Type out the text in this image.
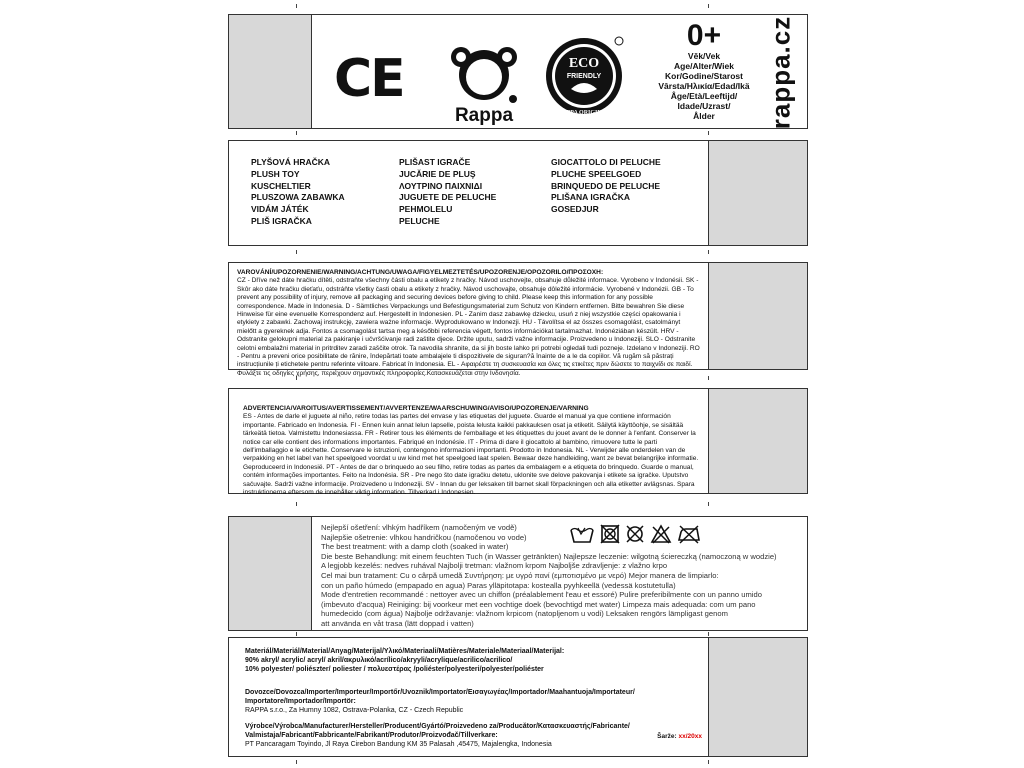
CE
Rappa
ECO
FRIENDLY
RAPPA ORIGINAL
0+
Věk/Vek
Age/Alter/Wiek
Kor/Godine/Starost
Vârsta/Ηλικία/Edad/Ikä
Âge/Età/Leeftijd/
Idade/Uzrast/
Ålder	rappa.cz
PLYŠOVÁ HRAČKA
PLUSH TOY
KUSCHELTIER
PLUSZOWA ZABAWKA
VIDÁM JÁTÉK
PLIŠ IGRAČKA
PLIŠAST IGRAČE
JUCĂRIE DE PLUŞ
ΛΟΥΤΡΙΝΟ ΠΑΙΧΝΙΔΙ
JUGUETE DE PELUCHE
PEHMOLELU
PELUCHE
GIOCATTOLO DI PELUCHE
PLUCHE SPEELGOED
BRINQUEDO DE PELUCHE
PLIŠANA IGRAČKA
GOSEDJUR
VAROVÁNÍ/UPOZORNENIE/WARNING/ACHTUNG/UWAGA/FIGYELMEZTETÉS/UPOZORENJE/OPOZORILO/ΠΡΟΣΟΧΗ:
CZ - Dříve než dáte hračku dítěti, odstraňte všechny části obalu a etikety z hračky. Návod uschovejte, obsahuje důležité informace. Vyrobeno v Indonésii. SK - Skôr ako dáte hračku dieťaťu, odstráňte všetky časti obalu a etikety z hračky. Návod uschovajte, obsahuje dôležité informácie. Vyrobené v Indonézii. GB - To prevent any possibility of injury, remove all packaging and securing devices before giving to child. Please keep this information for any possible correspondence. Made in Indonesia. D - Sämtliches Verpackungs und Befestigungsmaterial zum Schutz von Kindern entfernen. Bitte bewahren Sie diese Hinweise für eine evenuelle Korrespondenz auf. Hergestellt in Indonesien. PL - Zanim dasz zabawkę dziecku, usuń z niej wszystkie części opakowania i etykiety z zabawki. Zachowaj instrukcję, zawiera ważne informacje. Wyprodukowano w Indonezji. HU - Távolítsa el az összes csomagolást, csatolmányt mielőtt a gyereknek adja. Fontos a csomagolást tartsa meg a későbbi referencia végett, fontos információkat tartalmazhat. Indonéziában készült. HRV - Odstranite gelokupni material za pakiranje i učvršćivanje radi zaštite djece. Držite uputu, sadrži važne informacije. Proizvedeno u Indoneziji. SLO - Odstranite celotni embalažni material in pritrditev zaradi zaščite otrok. Ta navodila shranite, da si jih boste lahko pri potrebi ogledali tudi pozneje. Izdelano v Indoneziji. RO - Pentru a preveni orice posibilitate de rănire, îndepărtati toate ambalajele ti dispozitivele de siguran?ă înainte de a le da copiilor. Vă rugăm să păstrați instrucțiunile ți etichetele pentru referinte viitoare. Fabricat în Indonesia. EL - Αφαιρέστε τη συσκευασία και όλες τις ετικέτες πριν δώσετε το παιχνίδι σε παιδί. Φυλάξτε τις οδηγίες χρήσης, περιέχουν σημαντικές πληροφορίες.Κατασκευάζεται στην Ινδονησία.
ADVERTENCIA/VAROITUS/AVERTISSEMENT/AVVERTENZE/WAARSCHUWING/AVISO/UPOZORENJE/VARNING
ES - Antes de darle el juguete al niño, retire todas las partes del envase y las etiquetas del juguete. Guarde el manual ya que contiene información importante. Fabricado en Indonesia. FI - Ennen kuin annat lelun lapselle, poista lelusta kaikki pakkauksen osat ja etiketit. Säilytä käyttöohje, se sisältää tärkeätä tietoa. Valmistettu Indonesiassa. FR - Retirer tous les éléments de l'emballage et les étiquettes du jouet avant de le donner à l'enfant. Conserver la notice car elle contient des informations importantes. Fabriqué en Indonésie. IT - Prima di dare il giocattolo al bambino, rimuovere tutte le parti dell'imballaggio e le etichette. Conservare le istruzioni, contengono informazioni importanti. Prodotto in Indonesia. NL - Verwijder alle onderdelen van de verpakking en het label van het speelgoed voordat u uw kind met het speelgoed laat spelen. Bewaar deze handleiding, want ze bevat belangrijke informatie. Geproduceerd in Indonesië. PT - Antes de dar o brinquedo ao seu filho, retire todas as partes da embalagem e a etiqueta do brinquedo. Guarde o manual, contém informações importantes. Feito na Indonésia. SR - Pre nego što date igračku detetu, uklonite sve delove pakovanja i etikete sa igračke. Uputstvo sačuvajte. Sadrži važne informacije. Proizvedeno u Indoneziji. SV - Innan du ger leksaken till barnet skall förpackningen och alla etiketter avlägsnas. Spara instruktionerna eftersom de innehåller viktig information. Tillverkad i Indonesien.
Nejlepší ošetření: vlhkým hadříkem (namočeným ve vodě)
Najlepšie ošetrenie: vlhkou handričkou (namočenou vo vode)
The best treatment: with a damp cloth (soaked in water)
Die beste Behandlung: mit einem feuchten Tuch (in Wasser getränkten) Najlepsze leczenie: wilgotną ściereczką (namoczoną w wodzie)
A legjobb kezelés: nedves ruhával Najbolji tretman: vlažnom krpom Najboljše zdravljenje: z vlažno krpo
Cel mai bun tratament: Cu o cârpă umedă Συντήρηση: με υγρό πανί (εμποτισμένο με νερό) Mejor manera de limpiarlo:
con un paño húmedo (empapado en agua) Paras ylläpitotapa: kostealla pyyhkeellä (vedessä kostutetulla)
Mode d'entretien recommandé : nettoyer avec un chiffon (préalablement l'eau et essoré) Pulire preferibilmente con un panno umido
(imbevuto d'acqua) Reiniging: bij voorkeur met een vochtige doek (bevochtigd met water) Limpeza mais adequada: com um pano
humedecido (com água) Najbolje održavanje: vlažnom krpicom (natopljenom u vodi) Leksaken rengörs lämpligast genom
att använda en våt trasa (lätt doppad i vatten)
Materiál/Materiál/Material/Anyag/Materijal/Υλικό/Materiaali/Matières/Materiale/Materiaal/Materijal:
90% akryl/ acrylic/ acryl/ akril/ακρυλικό/acrílico/akryyli/acrylique/acrilico/acrilico/
10% polyester/ poliészter/ poliester / πολυεστέρας /poliéster/polyesteri/polyester/poliéster
Dovozce/Dovozca/Importer/Importeur/Importőr/Uvoznik/Importator/Εισαγωγέας/Importador/Maahantuoja/Importateur/
Importatore/Importador/Importör:
RAPPA s.r.o., Za Humny 1082, Ostrava-Polanka, CZ - Czech Republic
Výrobce/Výrobca/Manufacturer/Hersteller/Producent/Gyártó/Proizvedeno za/Producător/Κατασκευαστής/Fabricante/
Valmistaja/Fabricant/Fabbricante/Fabrikant/Produtor/Proizvođač/Tillverkare:
PT Pancaragam Toyindo, Jl Raya Cirebon Bandung KM 35 Palasah ,45475, Majalengka, Indonesia
Šarže: xx/20xx
